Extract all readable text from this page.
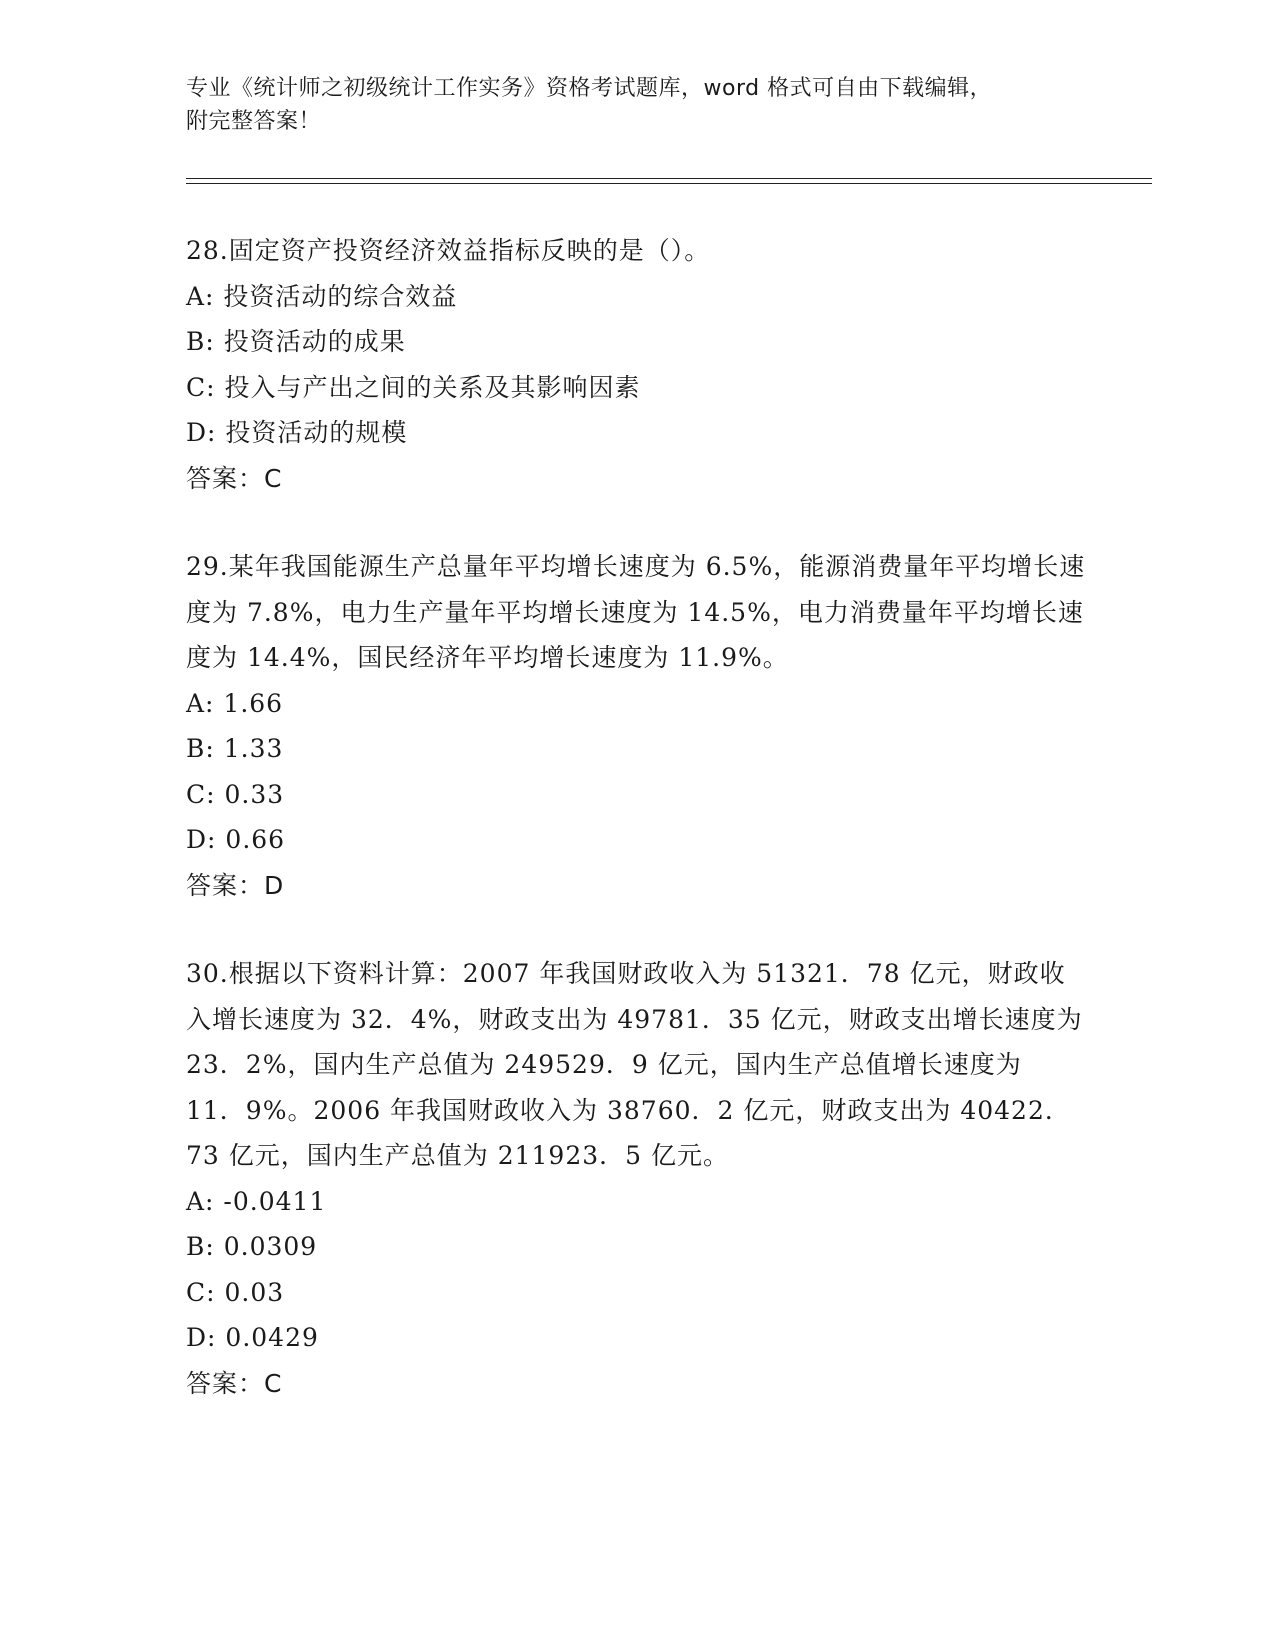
专业《统计师之初级统计工作实务》资格考试题库，word 格式可自由下载编辑，
附完整答案！

28.固定资产投资经济效益指标反映的是（）。

A: 投资活动的综合效益

B: 投资活动的成果

C: 投入与产出之间的关系及其影响因素

D: 投资活动的规模

答案：C

29.某年我国能源生产总量年平均增长速度为 6.5%，能源消费量年平均增长速度为 7.8%，电力生产量年平均增长速度为 14.5%，电力消费量年平均增长速度为 14.4%，国民经济年平均增长速度为 11.9%。

A: 1.66

B: 1.33

C: 0.33

D: 0.66

答案：D

30.根据以下资料计算：2007 年我国财政收入为 51321．78 亿元，财政收入增长速度为 32．4%，财政支出为 49781．35 亿元，财政支出增长速度为 23．2%，国内生产总值为 249529．9 亿元，国内生产总值增长速度为 11．9%。2006 年我国财政收入为 38760．2 亿元，财政支出为 40422．73 亿元，国内生产总值为 211923．5 亿元。

A: -0.0411

B: 0.0309

C: 0.03

D: 0.0429

答案：C
